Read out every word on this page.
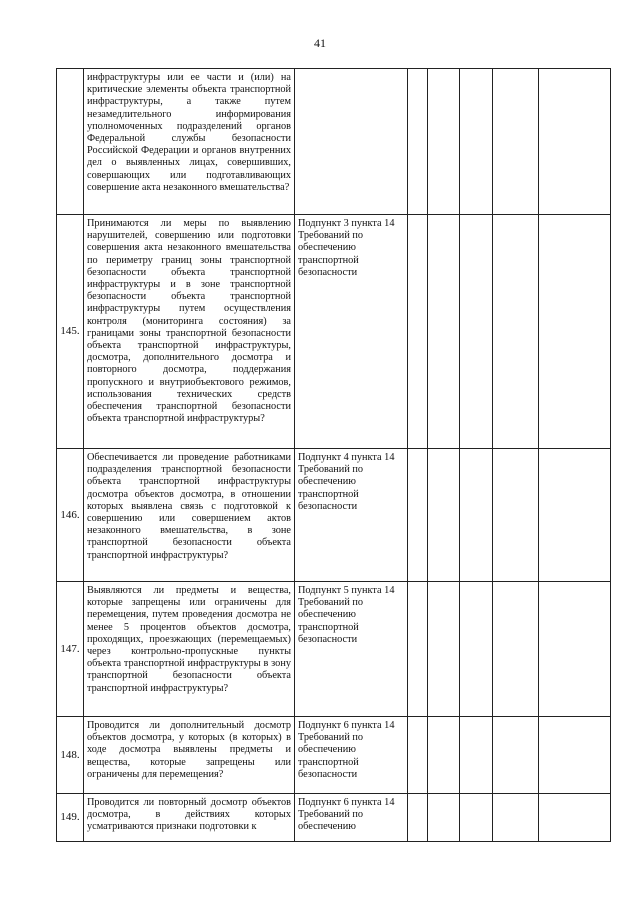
41
	инфраструктуры или ее части и (или) на критические элементы объекта транспортной инфраструктуры, а также путем незамедлительного информирования уполномоченных подразделений органов Федеральной службы безопасности Российской Федерации и органов внутренних дел о выявленных лицах, совершивших, совершающих или подготавливающих совершение акта незаконного вмешательства?						
145.	Принимаются ли меры по выявлению нарушителей, совершению или подготовки совершения акта незаконного вмешательства по периметру границ зоны транспортной безопасности объекта транспортной инфраструктуры и в зоне транспортной безопасности объекта транспортной инфраструктуры путем осуществления контроля (мониторинга состояния) за границами зоны транспортной безопасности объекта транспортной инфраструктуры, досмотра, дополнительного досмотра и повторного досмотра, поддержания пропускного и внутриобъектового режимов, использования технических средств обеспечения транспортной безопасности объекта транспортной инфраструктуры?	Подпункт 3 пункта 14 Требований по обеспечению транспортной безопасности					
146.	Обеспечивается ли проведение работниками подразделения транспортной безопасности объекта транспортной инфраструктуры досмотра объектов досмотра, в отношении которых выявлена связь с подготовкой к совершению или совершением актов незаконного вмешательства, в зоне транспортной безопасности объекта транспортной инфраструктуры?	Подпункт 4 пункта 14 Требований по обеспечению транспортной безопасности					
147.	Выявляются ли предметы и вещества, которые запрещены или ограничены для перемещения, путем проведения досмотра не менее 5 процентов объектов досмотра, проходящих, проезжающих (перемещаемых) через контрольно-пропускные пункты объекта транспортной инфраструктуры в зону транспортной безопасности объекта транспортной инфраструктуры?	Подпункт 5 пункта 14 Требований по обеспечению транспортной безопасности					
148.	Проводится ли дополнительный досмотр объектов досмотра, у которых (в которых) в ходе досмотра выявлены предметы и вещества, которые запрещены или ограничены для перемещения?	Подпункт 6 пункта 14 Требований по обеспечению транспортной безопасности					
149.	Проводится ли повторный досмотр объектов досмотра, в действиях которых усматриваются признаки подготовки к	Подпункт 6 пункта 14 Требований по обеспечению					
